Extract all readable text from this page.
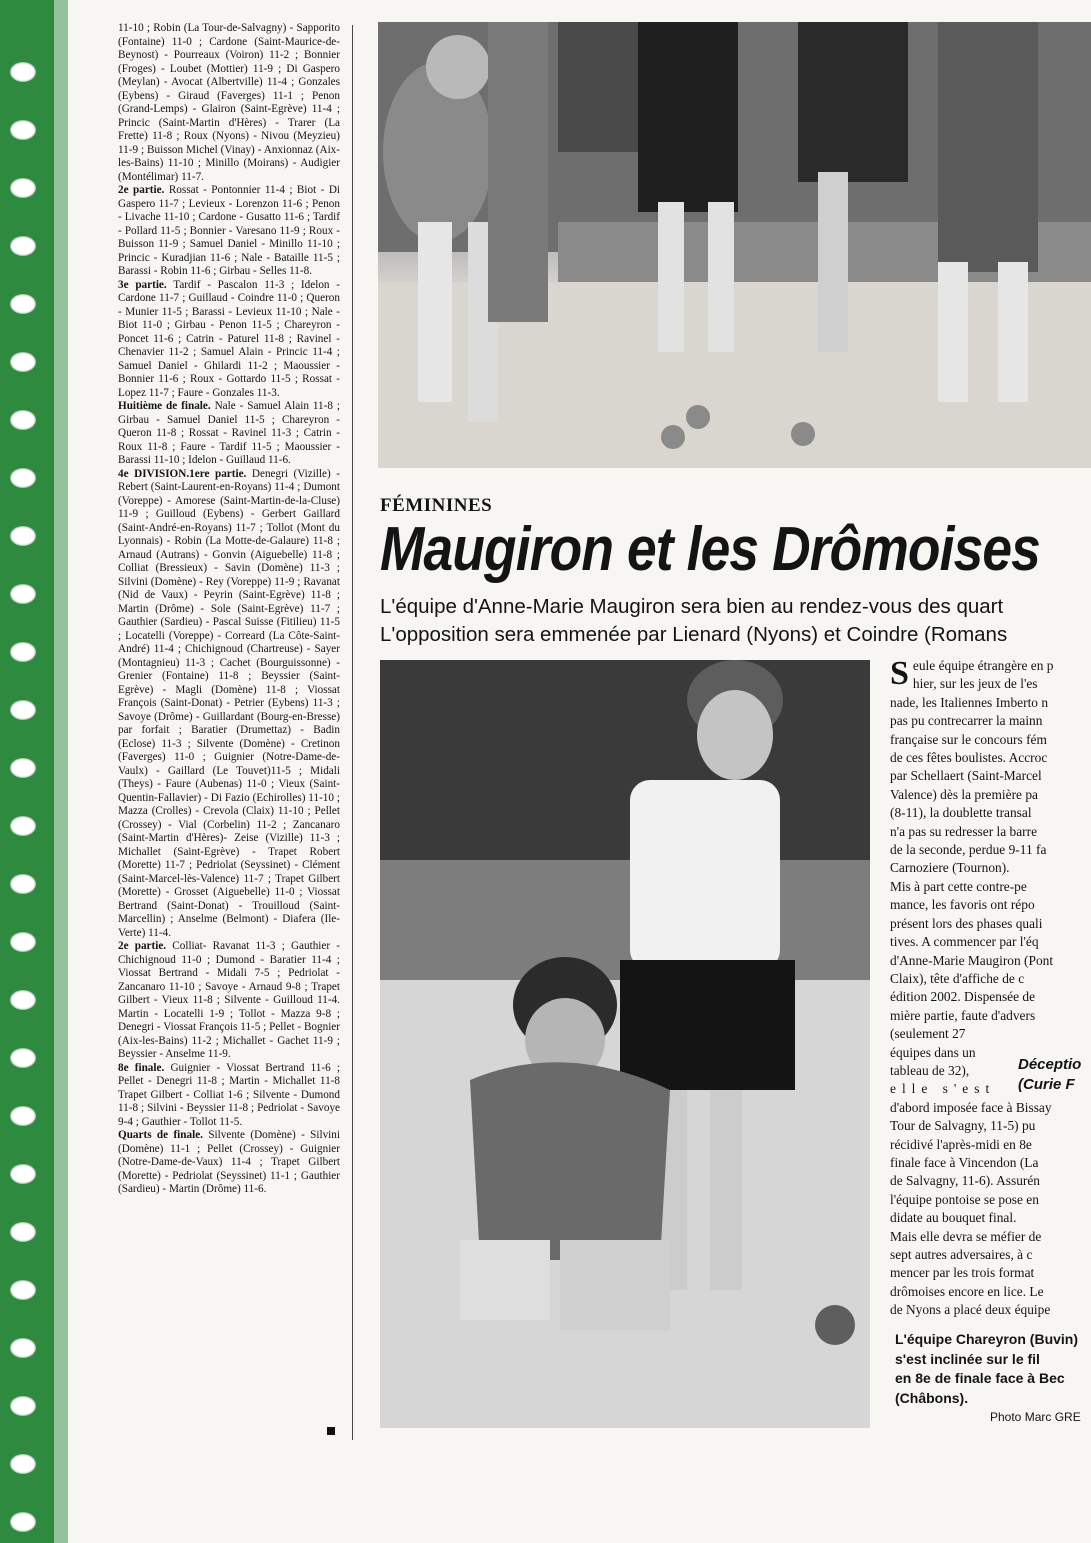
11-10 ; Robin (La Tour-de-Salvagny) - Sapporito (Fontaine) 11-0 ; Cardone (Saint-Maurice-de-Beynost) - Pourreaux (Voiron) 11-2 ; Bonnier (Froges) - Loubet (Mottier) 11-9 ; Di Gaspero (Meylan) - Avocat (Albertville) 11-4 ; Gonzales (Eybens) - Giraud (Faverges) 11-1 ; Penon (Grand-Lemps) - Glairon (Saint-Egrève) 11-4 ; Princic (Saint-Martin d'Hères) - Trarer (La Frette) 11-8 ; Roux (Nyons) - Nivou (Meyzieu) 11-9 ; Buisson Michel (Vinay) - Anxionnaz (Aix-les-Bains) 11-10 ; Minillo (Moirans) - Audigier (Montélimar) 11-7.

2e partie. Rossat - Pontonnier 11-4 ; Biot - Di Gaspero 11-7 ; Levieux - Lorenzon 11-6 ; Penon - Livache 11-10 ; Cardone - Gusatto 11-6 ; Tardif - Pollard 11-5 ; Bonnier - Varesano 11-9 ; Roux - Buisson 11-9 ; Samuel Daniel - Minillo 11-10 ; Princic - Kuradjian 11-6 ; Nale - Bataille 11-5 ; Barassi - Robin 11-6 ; Girbau - Selles 11-8.

3e partie. Tardif - Pascalon 11-3 ; Idelon - Cardone 11-7 ; Guillaud - Coindre 11-0 ; Queron - Munier 11-5 ; Barassi - Levieux 11-10 ; Nale - Biot 11-0 ; Girbau - Penon 11-5 ; Chareyron - Poncet 11-6 ; Catrin - Paturel 11-8 ; Ravinel - Chenavier 11-2 ; Samuel Alain - Princic 11-4 ; Samuel Daniel - Ghilardi 11-2 ; Maoussier - Bonnier 11-6 ; Roux - Gottardo 11-5 ; Rossat - Lopez 11-7 ; Faure - Gonzales 11-3.

Huitième de finale. Nale - Samuel Alain 11-8 ; Girbau - Samuel Daniel 11-5 ; Chareyron - Queron 11-8 ; Rossat - Ravinel 11-3 ; Catrin - Roux 11-8 ; Faure - Tardif 11-5 ; Maoussier - Barassi 11-10 ; Idelon - Guillaud 11-6.

4e DIVISION.1ere partie. Denegri (Vizille) - Rebert (Saint-Laurent-en-Royans) 11-4 ; Dumont (Voreppe) - Amorese (Saint-Martin-de-la-Cluse) 11-9 ; Guilloud (Eybens) - Gerbert Gaillard (Saint-André-en-Royans) 11-7 ; Tollot (Mont du Lyonnais) - Robin (La Motte-de-Galaure) 11-8 ; Arnaud (Autrans) - Gonvin (Aiguebelle) 11-8 ; Colliat (Bressieux) - Savin (Domène) 11-3 ; Silvini (Domène) - Rey (Voreppe) 11-9 ; Ravanat (Nid de Vaux) - Peyrin (Saint-Egrève) 11-8 ; Martin (Drôme) - Sole (Saint-Egrève) 11-7 ; Gauthier (Sardieu) - Pascal Suisse (Fitilieu) 11-5 ; Locatelli (Voreppe) - Correard (La Côte-Saint-André) 11-4 ; Chichignoud (Chartreuse) - Sayer (Montagnieu) 11-3 ; Cachet (Bourguissonne) - Grenier (Fontaine) 11-8 ; Beyssier (Saint-Egrève) - Magli (Domène) 11-8 ; Viossat François (Saint-Donat) - Petrier (Eybens) 11-3 ; Savoye (Drôme) - Guillardant (Bourg-en-Bresse) par forfait ; Baratier (Drumettaz) - Badin (Eclose) 11-3 ; Silvente (Domène) - Cretinon (Faverges) 11-0 ; Guignier (Notre-Dame-de-Vaulx) - Gaillard (Le Touvet)11-5 ; Midali (Theys) - Faure (Aubenas) 11-0 ; Vieux (Saint-Quentin-Fallavier) - Di Fazio (Echirolles) 11-10 ; Mazza (Crolles) - Crevola (Claix) 11-10 ; Pellet (Crossey) - Vial (Corbelin) 11-2 ; Zancanaro (Saint-Martin d'Hères)- Zeise (Vizille) 11-3 ; Michallet (Saint-Egrève) - Trapet Robert (Morette) 11-7 ; Pedriolat (Seyssinet) - Clément (Saint-Marcel-lès-Valence) 11-7 ; Trapet Gilbert (Morette) - Grosset (Aiguebelle) 11-0 ; Viossat Bertrand (Saint-Donat) - Trouilloud (Saint-Marcellin) ; Anselme (Belmont) - Diafera (Ile-Verte) 11-4.

2e partie. Colliat- Ravanat 11-3 ; Gauthier - Chichignoud 11-0 ; Dumond - Baratier 11-4 ; Viossat Bertrand - Midali 7-5 ; Pedriolat - Zancanaro 11-10 ; Savoye - Arnaud 9-8 ; Trapet Gilbert - Vieux 11-8 ; Silvente - Guilloud 11-4. Martin - Locatelli 1-9 ; Tollot - Mazza 9-8 ; Denegri - Viossat François 11-5 ; Pellet - Bognier (Aix-les-Bains) 11-2 ; Michallet - Gachet 11-9 ; Beyssier - Anselme 11-9.

8e finale. Guignier - Viossat Bertrand 11-6 ; Pellet - Denegri 11-8 ; Martin - Michallet 11-8 Trapet Gilbert - Colliat 1-6 ; Silvente - Dumond 11-8 ; Silvini - Beyssier 11-8 ; Pedriolat - Savoye 9-4 ; Gauthier - Tollot 11-5.

Quarts de finale. Silvente (Domène) - Silvini (Domène) 11-1 ; Pellet (Crossey) - Guignier (Notre-Dame-de-Vaux) 11-4 ; Trapet Gilbert (Morette) - Pedriolat (Seyssinet) 11-1 ; Gauthier (Sardieu) - Martin (Drôme) 11-6.

FÉMININES
Maugiron et les Drômoises
L'équipe d'Anne-Marie Maugiron sera bien au rendez-vous des quart
L'opposition sera emmenée par Lienard (Nyons) et Coindre (Romans
S eule équipe étrangère en p
hier, sur les jeux de l'es
nade, les Italiennes Imberto n
pas pu contrecarrer la mainn
française sur le concours fém
de ces fêtes boulistes. Accroc
par Schellaert (Saint-Marcel
Valence) dès la première pa
(8-11), la doublette transal
n'a pas su redresser la barre
de la seconde, perdue 9-11 fa
Carnoziere (Tournon).
Mis à part cette contre-pe
mance, les favoris ont répo
présent lors des phases quali
tives. A commencer par l'éq
d'Anne-Marie Maugiron (Pont
Claix), tête d'affiche de c
édition 2002. Dispensée de
mière partie, faute d'advers
(seulement 27
équipes dans un
tableau de 32),
elle s'est
d'abord imposée face à Bissay
Tour de Salvagny, 11-5) pu
récidivé l'après-midi en 8e
finale face à Vincendon (La
de Salvagny, 11-6). Assurén
l'équipe pontoise se pose en
didate au bouquet final.
Mais elle devra se méfier de
sept autres adversaires, à c
mencer par les trois format
drômoises encore en lice. Le
de Nyons a placé deux équipe
Déceptio
(Curie F
L'équipe Chareyron (Buvin)
s'est inclinée sur le fil
en 8e de finale face à Bec
(Châbons).
Photo Marc GRE
